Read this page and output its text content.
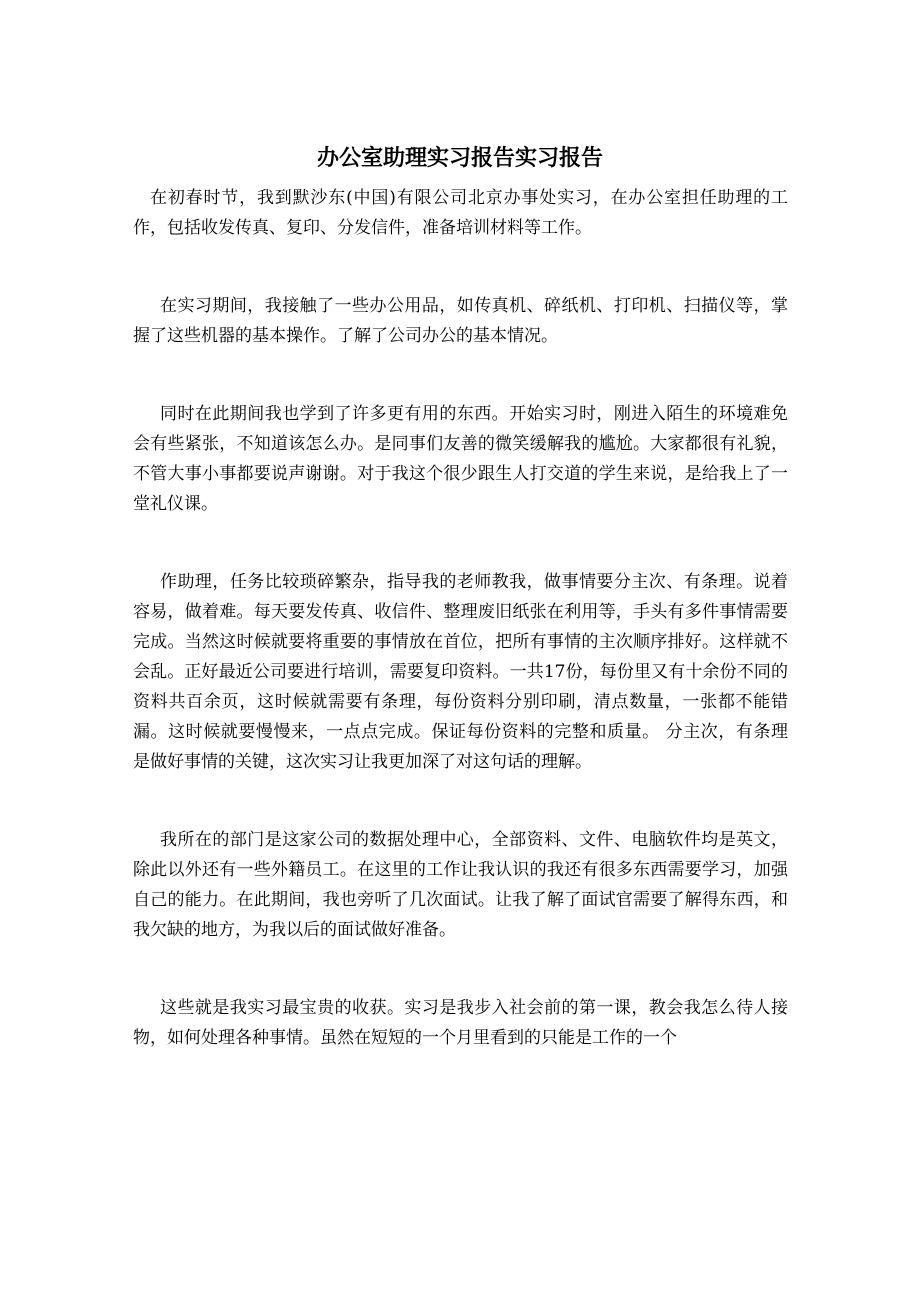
办公室助理实习报告实习报告

在初春时节，我到默沙东(中国)有限公司北京办事处实习，在办公室担任助理的工作，包括收发传真、复印、分发信件，准备培训材料等工作。

在实习期间，我接触了一些办公用品，如传真机、碎纸机、打印机、扫描仪等，掌握了这些机器的基本操作。了解了公司办公的基本情况。

同时在此期间我也学到了许多更有用的东西。开始实习时，刚进入陌生的环境难免会有些紧张，不知道该怎么办。是同事们友善的微笑缓解我的尴尬。大家都很有礼貌，不管大事小事都要说声谢谢。对于我这个很少跟生人打交道的学生来说，是给我上了一堂礼仪课。

作助理，任务比较琐碎繁杂，指导我的老师教我，做事情要分主次、有条理。说着容易，做着难。每天要发传真、收信件、整理废旧纸张在利用等，手头有多件事情需要完成。当然这时候就要将重要的事情放在首位，把所有事情的主次顺序排好。这样就不会乱。正好最近公司要进行培训，需要复印资料。一共17份，每份里又有十余份不同的资料共百余页，这时候就需要有条理，每份资料分别印刷，清点数量，一张都不能错漏。这时候就要慢慢来，一点点完成。保证每份资料的完整和质量。 分主次，有条理 是做好事情的关键，这次实习让我更加深了对这句话的理解。

我所在的部门是这家公司的数据处理中心，全部资料、文件、电脑软件均是英文，除此以外还有一些外籍员工。在这里的工作让我认识的我还有很多东西需要学习，加强自己的能力。在此期间，我也旁听了几次面试。让我了解了面试官需要了解得东西，和我欠缺的地方，为我以后的面试做好准备。

这些就是我实习最宝贵的收获。实习是我步入社会前的第一课，教会我怎么待人接物，如何处理各种事情。虽然在短短的一个月里看到的只能是工作的一个
